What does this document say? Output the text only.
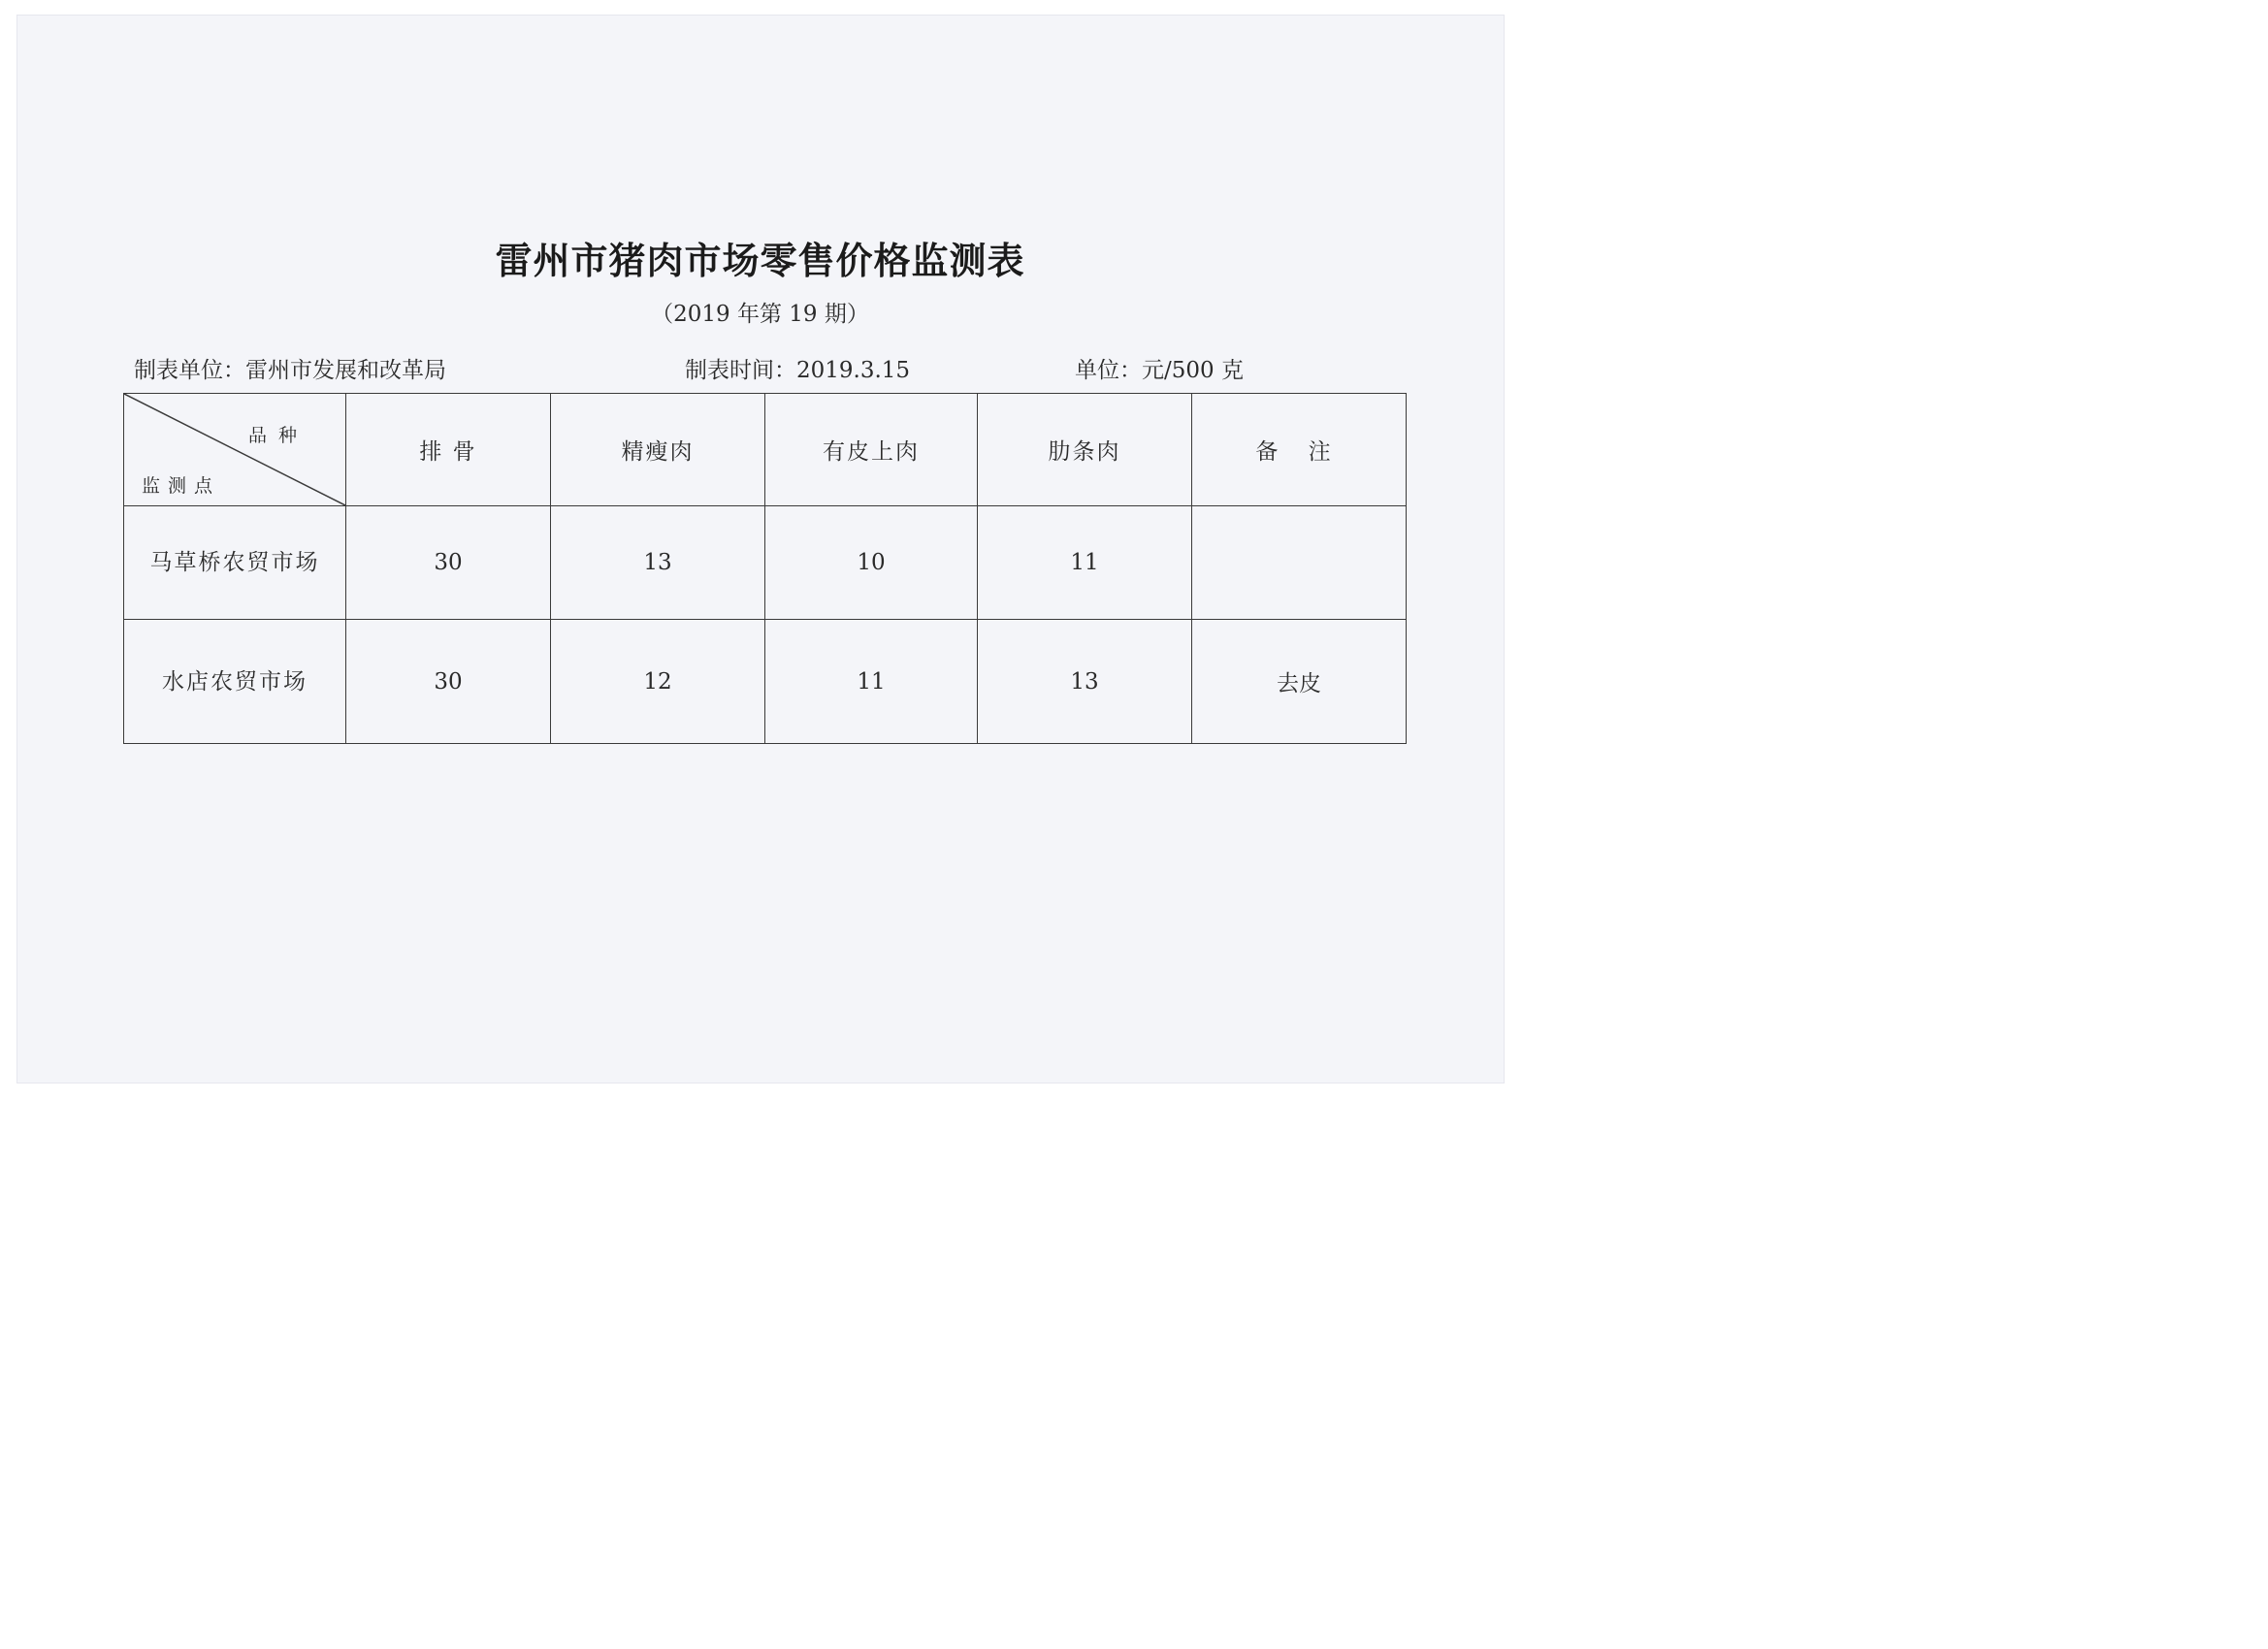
雷州市猪肉市场零售价格监测表
（2019 年第 19 期）
制表单位：雷州市发展和改革局	制表时间：2019.3.15	单位：元/500 克
品种
监测点	排 骨	精瘦肉	有皮上肉	肋条肉	备 注
马草桥农贸市场	30	13	10	11	
水店农贸市场	30	12	11	13	去皮
